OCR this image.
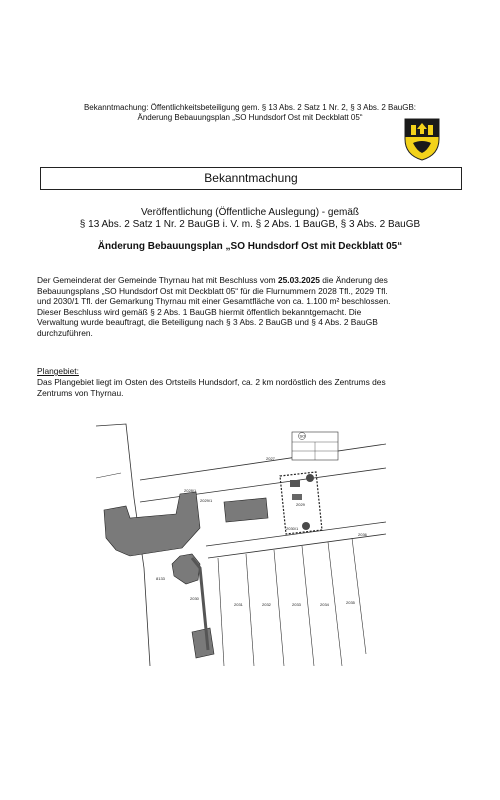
Bekanntmachung: Öffentlichkeitsbeteiligung gem. § 13 Abs. 2 Satz 1 Nr. 2, § 3 Abs. 2 BauGB:
Änderung Bebauungsplan „SO Hundsdorf Ost mit Deckblatt 05“
Bekanntmachung
Veröffentlichung (Öffentliche Auslegung) - gemäß
§ 13 Abs. 2 Satz 1 Nr. 2 BauGB i. V. m. § 2 Abs. 1 BauGB, § 3 Abs. 2 BauGB
Änderung Bebauungsplan „SO Hundsdorf Ost mit Deckblatt 05“

Der Gemeinderat der Gemeinde Thyrnau hat mit Beschluss vom 25.03.2025 die Änderung des

Bebauungsplans „SO Hundsdorf Ost mit Deckblatt 05“ für die Flurnummern 2028 Tfl., 2029 Tfl.

und 2030/1 Tfl. der Gemarkung Thyrnau mit einer Gesamtfläche von ca. 1.100 m² beschlossen.

Dieser Beschluss wird gemäß § 2 Abs. 1 BauGB hiermit öffentlich bekanntgemacht. Die

Verwaltung wurde beauftragt, die Beteiligung nach § 3 Abs. 2 BauGB und § 4 Abs. 2 BauGB

durchzuführen.

Plangebiet:

Das Plangebiet liegt im Osten des Ortsteils Hundsdorf, ca. 2 km nordöstlich des Zentrums des

Zentrums von Thyrnau.

SO
2027
2028/1
2029/1
2029
2030/1
2030
2031	2032	2033	2034	2035
2036
8133
